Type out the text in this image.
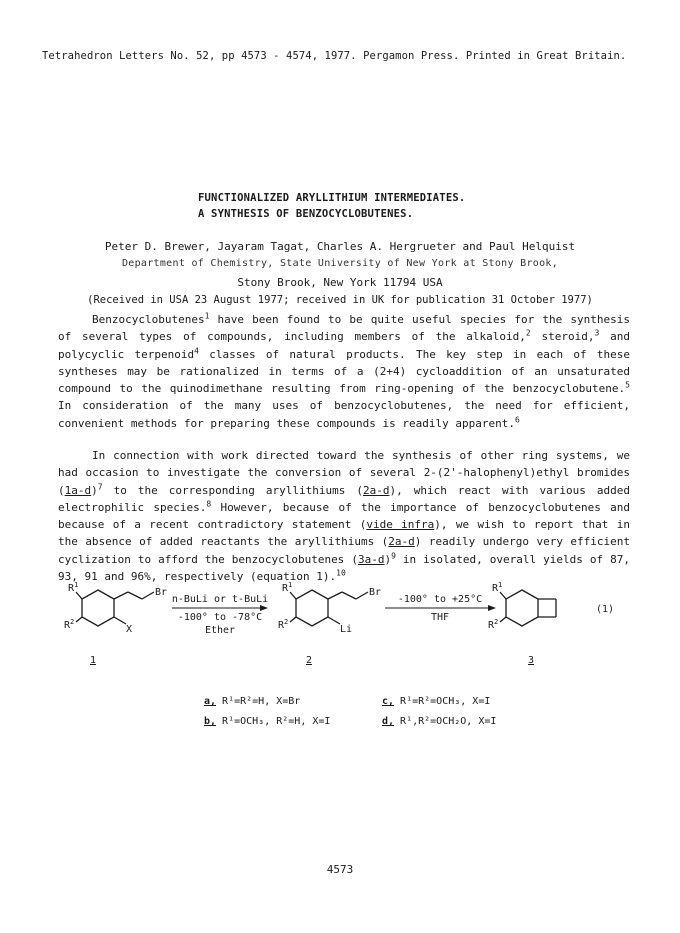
Tetrahedron Letters No. 52, pp 4573 - 4574, 1977. Pergamon Press. Printed in Great Britain.
FUNCTIONALIZED ARYLLITHIUM INTERMEDIATES.
A SYNTHESIS OF BENZOCYCLOBUTENES.
Peter D. Brewer, Jayaram Tagat, Charles A. Hergrueter and Paul Helquist
Department of Chemistry, State University of New York at Stony Brook,
Stony Brook, New York 11794 USA
(Received in USA 23 August 1977; received in UK for publication 31 October 1977)
Benzocyclobutenes$^1$ have been found to be quite useful species for the synthesis of several types of compounds, including members of the alkaloid,$^2$ steroid,$^3$ and polycyclic terpenoid$^4$ classes of natural products. The key step in each of these syntheses may be rationalized in terms of a (2+4) cycloaddition of an unsaturated compound to the quinodimethane resulting from ring-opening of the benzocyclobutene.$^5$ In consideration of the many uses of benzocyclobutenes, the need for efficient, convenient methods for preparing these compounds is readily apparent.$^6$
In connection with work directed toward the synthesis of other ring systems, we had occasion to investigate the conversion of several 2-(2'-halophenyl)ethyl bromides $(1a-d)^7$ to the corresponding aryllithiums (2a-d), which react with various added electrophilic species.$^8$ However, because of the importance of benzocyclobutenes and because of a recent contradictory statement (vide infra), we wish to report that in the absence of added reactants the aryllithiums (2a-d) readily undergo very efficient cyclization to afford the benzocyclobutenes $(3a-d)^9$ in isolated, overall yields of 87, 93, 91 and 96%, respectively (equation 1).$^{10}$
$R^1$
$R^2$
Br
X
1
n-BuLi or t-BuLi
-100° to -78°C
Ether
$R^1$
$R^2$
Br
Li
2
-100° to +25°C
THF
$R^1$
$R^2$
3
(1)
a, R¹=R²=H, X=Br
b, R¹=OCH₃, R²=H, X=I
c, R¹=R²=OCH₃, X=I
d, R¹,R²=OCH₂O, X=I
4573
